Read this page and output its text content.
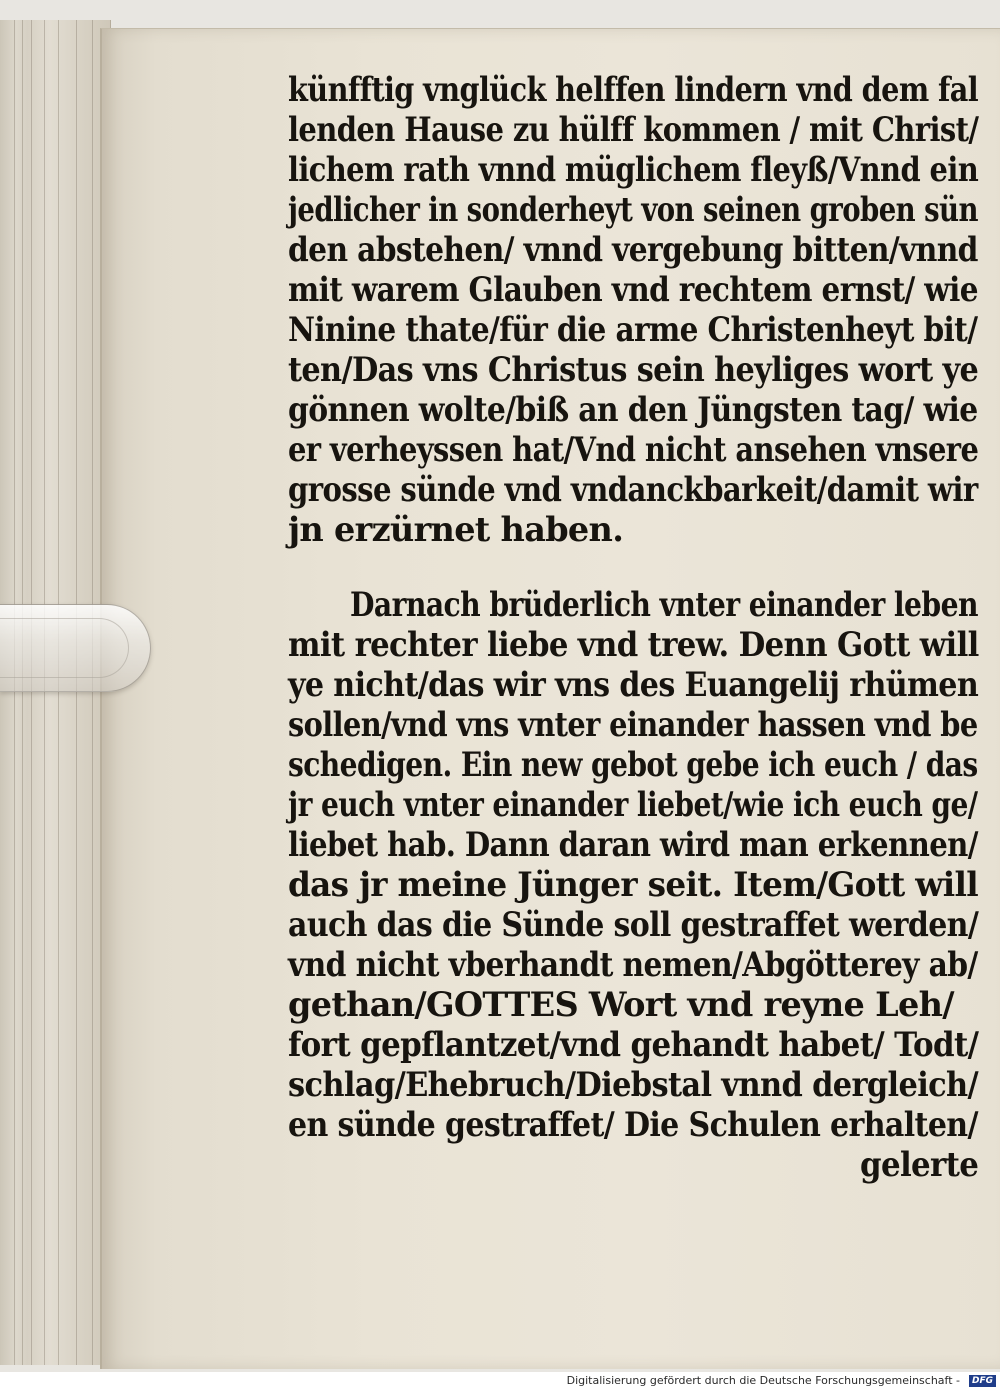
künfftig vnglück helffen lindern vnd dem fal
lenden Hause zu hülff kommen / mit Christ/
lichem rath vnnd müglichem fleyß/Vnnd ein
jedlicher in sonderheyt von seinen groben sün
den abstehen/ vnnd vergebung bitten/vnnd
mit warem Glauben vnd rechtem ernst/ wie
Ninine thate/für die arme Christenheyt bit/
ten/Das vns Christus sein heyliges wort ye
gönnen wolte/biß an den Jüngsten tag/ wie
er verheyssen hat/Vnd nicht ansehen vnsere
grosse sünde vnd vndanckbarkeit/damit wir
jn erzürnet haben.
Darnach brüderlich vnter einander leben
mit rechter liebe vnd trew. Denn Gott will
ye nicht/das wir vns des Euangelij rhümen
sollen/vnd vns vnter einander hassen vnd be
schedigen. Ein new gebot gebe ich euch / das
jr euch vnter einander liebet/wie ich euch ge/
liebet hab. Dann daran wird man erkennen/
das jr meine Jünger seit. Item/Gott will
auch das die Sünde soll gestraffet werden/
vnd nicht vberhandt nemen/Abgötterey ab/
gethan/GOTTES Wort vnd reyne Leh/
fort gepflantzet/vnd gehandt habet/ Todt/
schlag/Ehebruch/Diebstal vnnd dergleich/
en sünde gestraffet/ Die Schulen erhalten/
gelerte
Digitalisierung gefördert durch die Deutsche Forschungsgemeinschaft -	DFG
